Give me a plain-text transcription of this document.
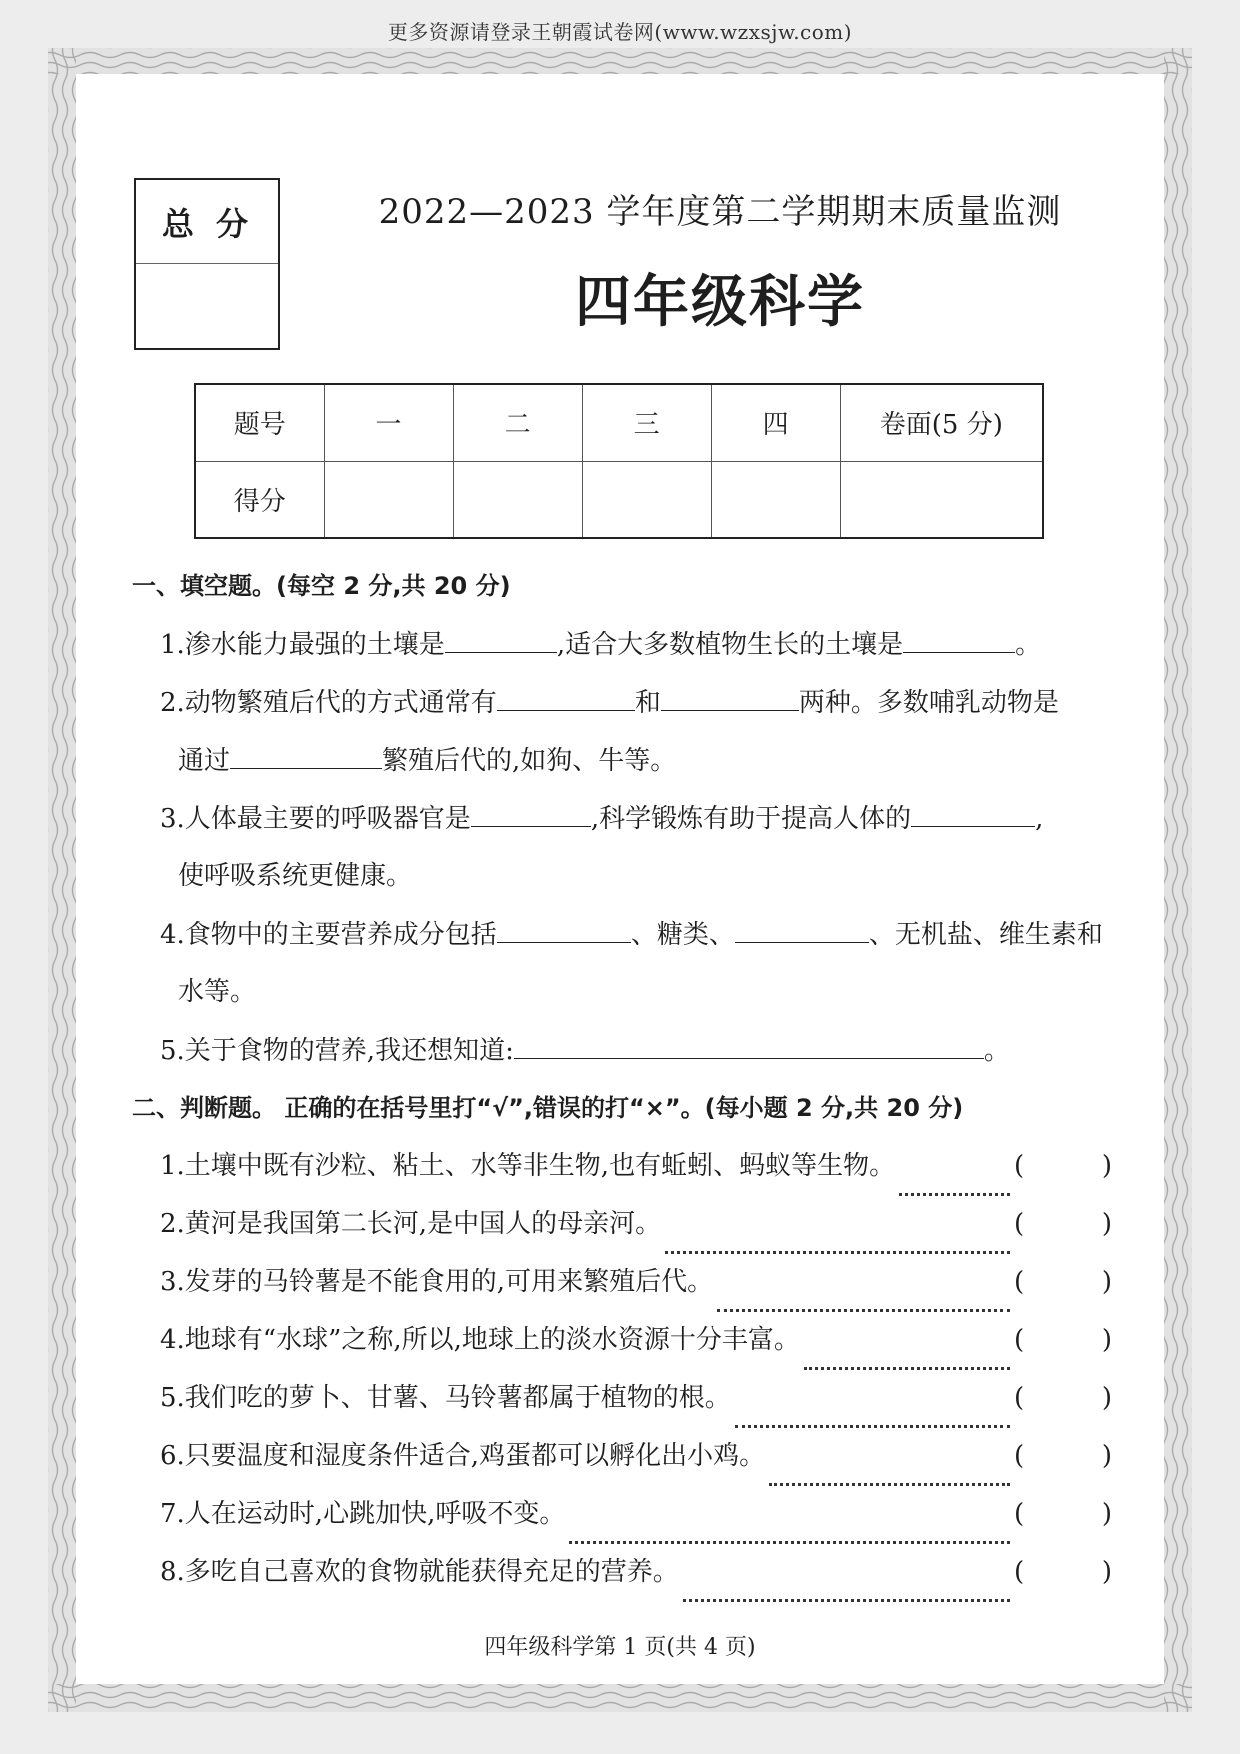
更多资源请登录王朝霞试卷网(www.wzxsjw.com)
总分	2022—2023 学年度第二学期期末质量监测
四年级科学
题号	一	二	三	四	卷面(5 分)
得分					
一、填空题。(每空 2 分,共 20 分)
1.渗水能力最强的土壤是	,适合大多数植物生长的土壤是	。
2.动物繁殖后代的方式通常有	和	两种。多数哺乳动物是
通过	繁殖后代的,如狗、牛等。
3.人体最主要的呼吸器官是	,科学锻炼有助于提高人体的	,
使呼吸系统更健康。
4.食物中的主要营养成分包括	、糖类、	、无机盐、维生素和
水等。
5.关于食物的营养,我还想知道:	。
二、判断题。 正确的在括号里打“√”,错误的打“×”。(每小题 2 分,共 20 分)
1.土壤中既有沙粒、粘土、水等非生物,也有蚯蚓、蚂蚁等生物。	(	)
2.黄河是我国第二长河,是中国人的母亲河。	(	)
3.发芽的马铃薯是不能食用的,可用来繁殖后代。	(	)
4.地球有“水球”之称,所以,地球上的淡水资源十分丰富。	(	)
5.我们吃的萝卜、甘薯、马铃薯都属于植物的根。	(	)
6.只要温度和湿度条件适合,鸡蛋都可以孵化出小鸡。	(	)
7.人在运动时,心跳加快,呼吸不变。	(	)
8.多吃自己喜欢的食物就能获得充足的营养。	(	)
四年级科学第 1 页(共 4 页)
